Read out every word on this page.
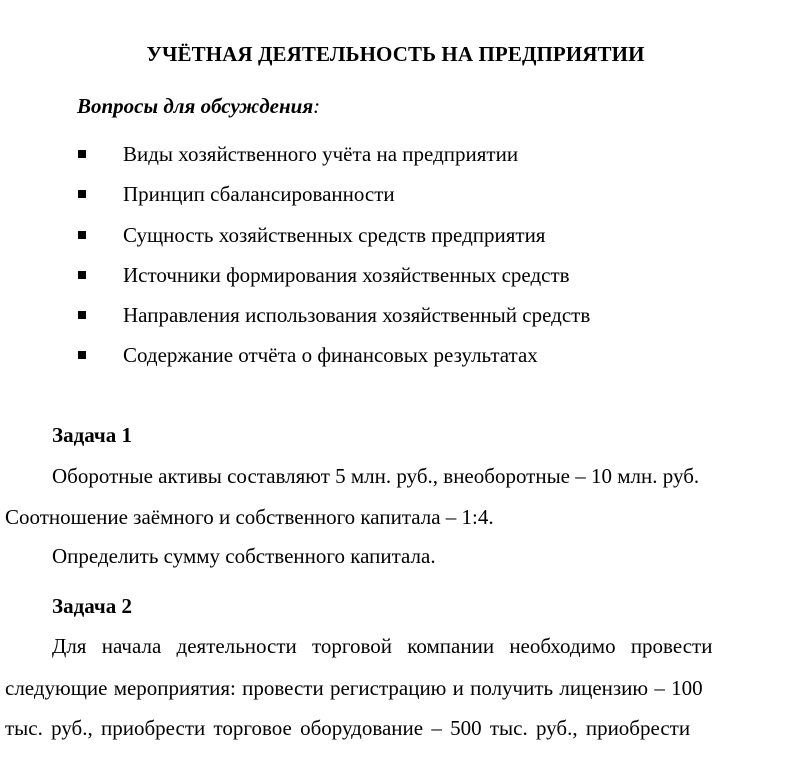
УЧЁТНАЯ ДЕЯТЕЛЬНОСТЬ НА ПРЕДПРИЯТИИ
Вопросы для обсуждения:
Виды хозяйственного учёта на предприятии
Принцип сбалансированности
Сущность хозяйственных средств предприятия
Источники формирования хозяйственных средств
Направления использования хозяйственный средств
Содержание отчёта о финансовых результатах
Задача 1
Оборотные активы составляют 5 млн. руб., внеоборотные – 10 млн. руб.
Соотношение заёмного и собственного капитала – 1:4.
Определить сумму собственного капитала.
Задача 2
Для начала деятельности торговой компании необходимо провести
следующие мероприятия: провести регистрацию и получить лицензию – 100
тыс. руб., приобрести торговое оборудование – 500 тыс. руб., приобрести
